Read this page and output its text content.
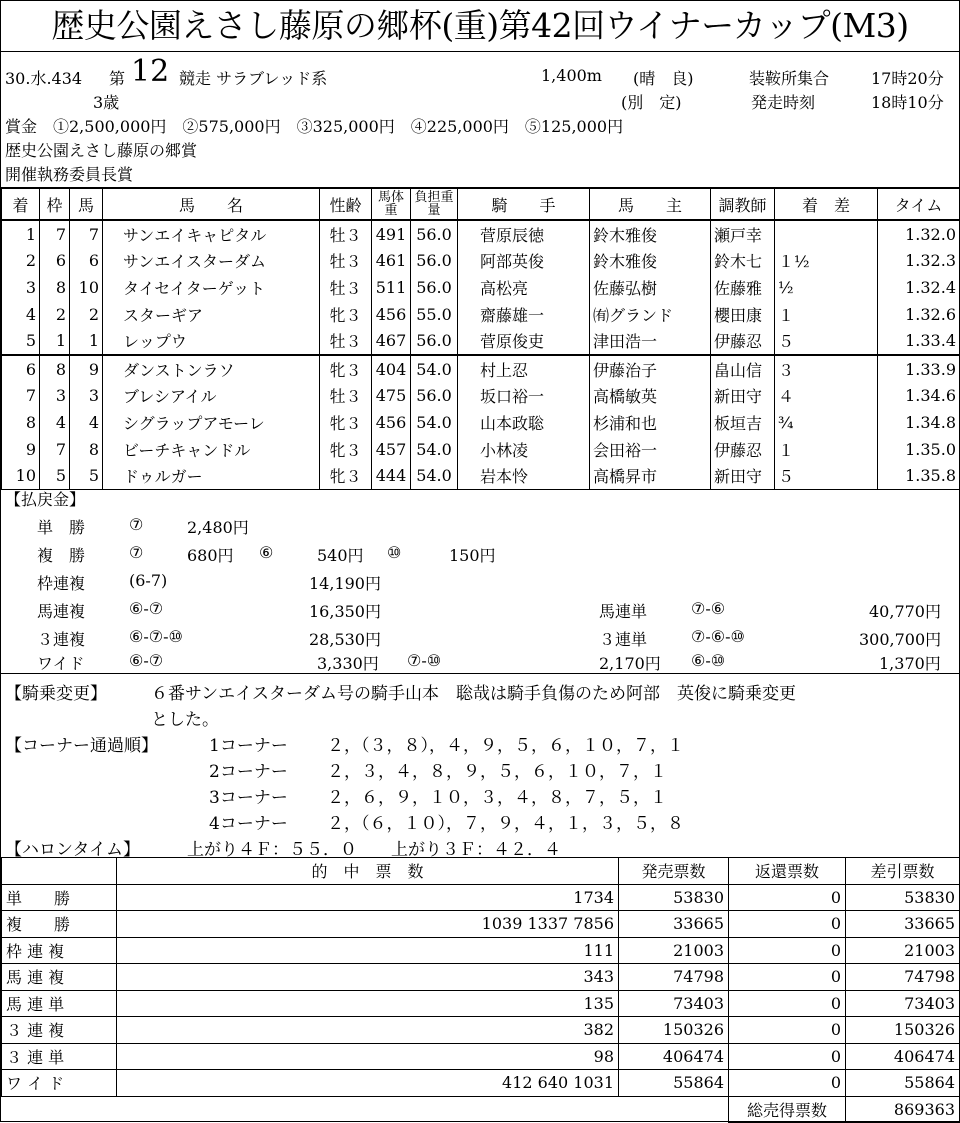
歴史公園えさし藤原の郷杯(重)第42回ウイナーカップ(M3)
30.水.434 第 12 競走 サラブレッド系
3歳
1,400m (晴　良)
(別　定)
装鞍所集合	17時20分
発走時刻	18時10分
賞金　①2,500,000円　②575,000円　③325,000円　④225,000円　⑤125,000円
歴史公園えさし藤原の郷賞
開催執務委員長賞
着	枠	馬	馬　　名	性齢	馬体重	負担重量	騎　　手	馬　　主	調教師	着　差	タイム
1	7	7	サンエイキャピタル	牡３	491	56.0	菅原辰徳	鈴木雅俊	瀬戸幸		1.32.0
2	6	6	サンエイスターダム	牡３	461	56.0	阿部英俊	鈴木雅俊	鈴木七	１½	1.32.3
3	8	10	タイセイターゲット	牡３	511	56.0	高松亮	佐藤弘樹	佐藤雅	½	1.32.4
4	2	2	スターギア	牝３	456	55.0	齋藤雄一	㈲グランド	櫻田康	１	1.32.6
5	1	1	レップウ	牡３	467	56.0	菅原俊吏	津田浩一	伊藤忍	５	1.33.4
6	8	9	ダンストンラソ	牝３	404	54.0	村上忍	伊藤治子	畠山信	３	1.33.9
7	3	3	ブレシアイル	牡３	475	56.0	坂口裕一	高橋敏英	新田守	４	1.34.6
8	4	4	シグラップアモーレ	牝３	456	54.0	山本政聡	杉浦和也	板垣吉	¾	1.34.8
9	7	8	ビーチキャンドル	牝３	457	54.0	小林凌	会田裕一	伊藤忍	１	1.35.0
10	5	5	ドゥルガー	牝３	444	54.0	岩本怜	高橋昇市	新田守	５	1.35.8
【払戻金】
単　勝	⑦	2,480円
複　勝	⑦	680円 ⑥	540円 ⑩	150円
枠連複	(6-7)	14,190円
馬連複	⑥-⑦	16,350円	馬連単	⑦-⑥	40,770円
３連複	⑥-⑦-⑩	28,530円	３連単	⑦-⑥-⑩	300,700円
ワイド	⑥-⑦	3,330円 ⑦-⑩	2,170円 ⑥-⑩	1,370円
【騎乗変更】	６番サンエイスターダム号の騎手山本　聡哉は騎手負傷のため阿部　英俊に騎乗変更
とした。
【コーナー通過順】	1コーナー ２，（３，８），４，９，５，６，１０，７，１
2コーナー ２，３，４，８，９，５，６，１０，７，１
3コーナー ２，６，９，１０，３，４，８，７，５，１
4コーナー ２，（６，１０），７，９，４，１，３，５，８
【ハロンタイム】	上がり４Ｆ：５５．０　　上がり３Ｆ：４２．４
	的　中　票　数	発売票数	返還票数	差引票数
単　　勝	1734	53830	0	53830
複　　勝	1039 1337 7856	33665	0	33665
枠 連 複	111	21003	0	21003
馬 連 複	343	74798	0	74798
馬 連 単	135	73403	0	73403
３ 連 複	382	150326	0	150326
３ 連 単	98	406474	0	406474
ワ イ ド	412 640 1031	55864	0	55864
			総売得票数	869363
